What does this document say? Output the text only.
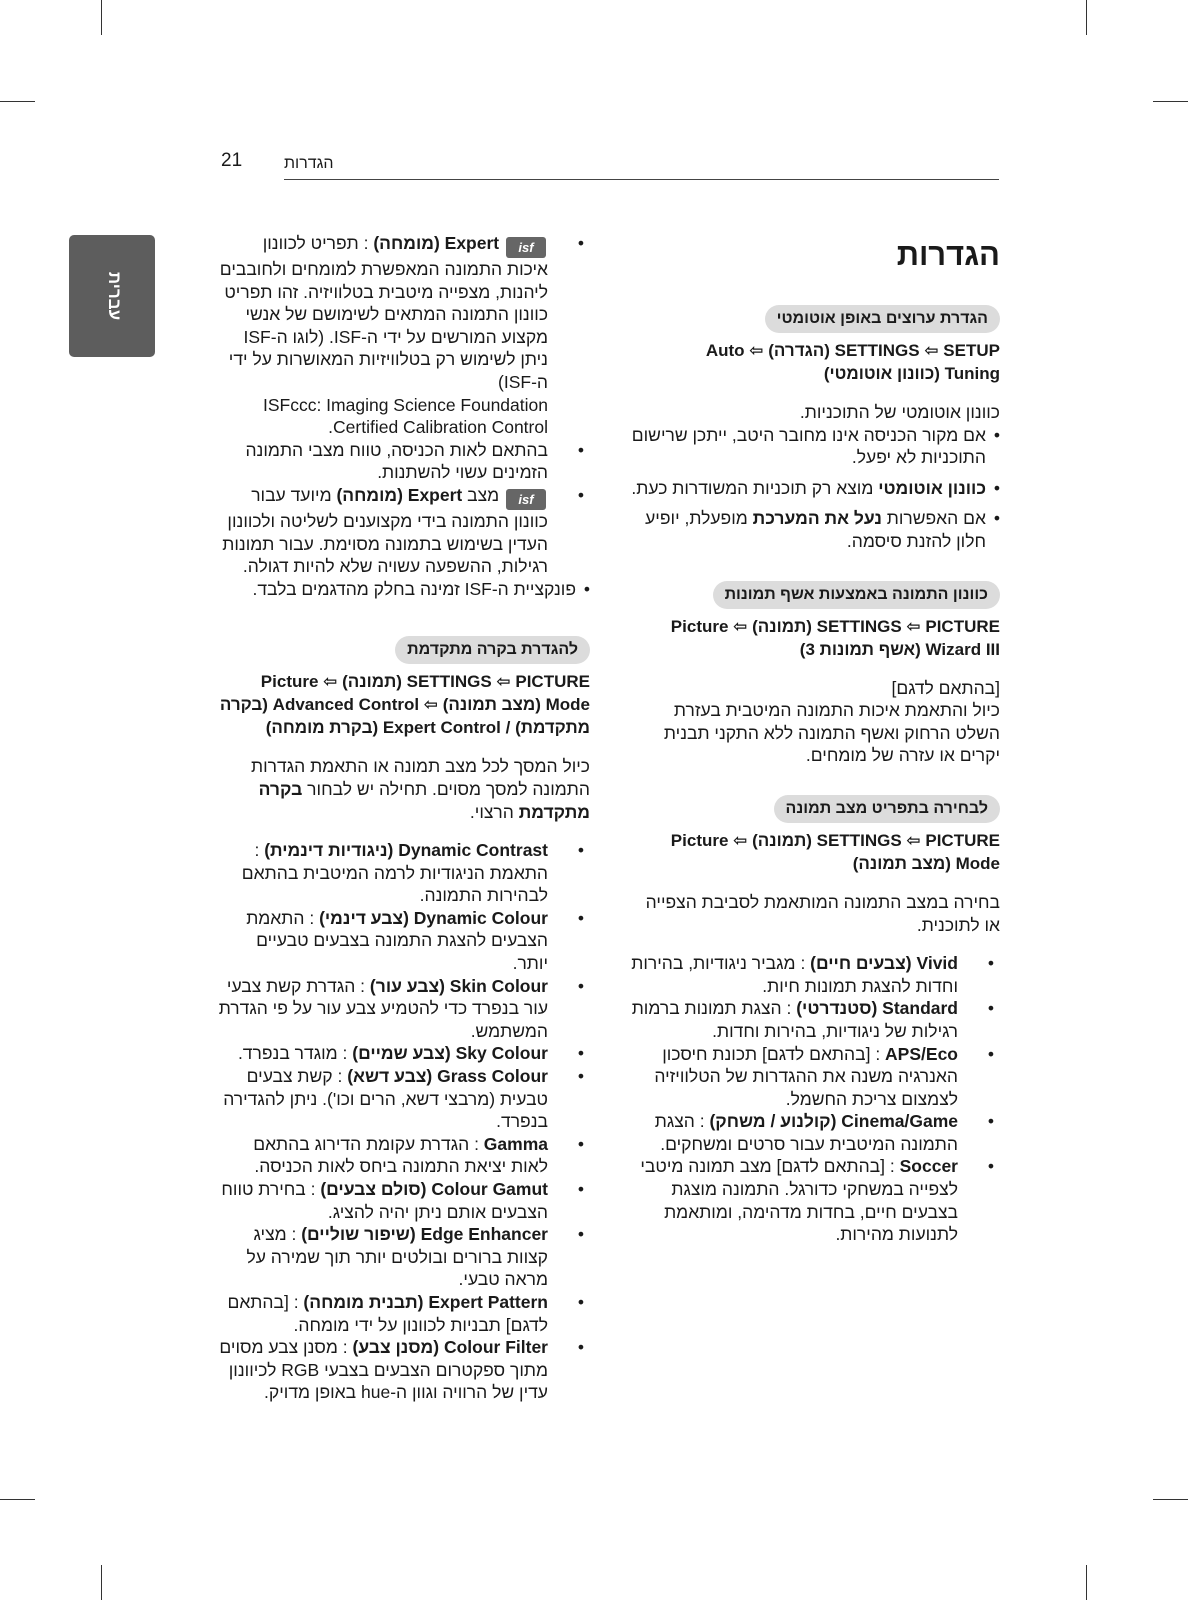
21	הגדרות
עברית
הגדרות
הגדרת ערוצים באופן אוטומטי
SETTINGS ⇦ SETUP (הגדרה) ⇦ Auto
Tuning (כוונון אוטומטי)

כוונון אוטומטי של התוכניות.

• אם מקור הכניסה אינו מחובר היטב, ייתכן שרישום התוכניות לא יפעל.
• כוונון אוטומטי מוצא רק תוכניות המשודרות כעת.
• אם האפשרות נעל את המערכת מופעלת, יופיע חלון להזנת סיסמה.
כוונון התמונה באמצעות אשף תמונות
SETTINGS ⇦ PICTURE (תמונה) ⇦ Picture
Wizard III (אשף תמונות 3)

[בהתאם לדגם]

כיול והתאמת איכות התמונה המיטבית בעזרת השלט הרחוק ואשף התמונה ללא התקני תבנית יקרים או עזרה של מומחים.

לבחירה בתפריט מצב תמונה
SETTINGS ⇦ PICTURE (תמונה) ⇦ Picture
Mode (מצב תמונה)

בחירה במצב התמונה המותאמת לסביבת הצפייה או לתוכנית.

• Vivid (צבעים חיים) : מגביר ניגודיות, בהירות וחדות להצגת תמונות חיות.
• Standard (סטנדרטי) : הצגת תמונות ברמות רגילות של ניגודיות, בהירות וחדות.
• APS/Eco : [בהתאם לדגם] תכונת חיסכון האנרגיה משנה את ההגדרות של הטלוויזיה לצמצום צריכת החשמל.
• Cinema/Game (קולנוע / משחק) : הצגת התמונה המיטבית עבור סרטים ומשחקים.
• Soccer : [בהתאם לדגם] מצב תמונה מיטבי לצפייה במשחקי כדורגל. התמונה מוצגת בצבעים חיים, בחדות מדהימה, ומותאמת לתנועות מהירות.
• isf Expert (מומחה) : תפריט לכוונון איכות התמונה המאפשרת למומחים ולחובבים ליהנות, מצפייה מיטבית בטלוויזיה. זהו תפריט כוונון התמונה המתאים לשימושם של אנשי מקצוע המורשים על ידי ה-ISF. (לוגו ה-ISF ניתן לשימוש רק בטלוויזיות המאושרות על ידי ה-ISF)
ISFccc: Imaging Science Foundation Certified Calibration Control.
• בהתאם לאות הכניסה, טווח מצבי התמונה הזמינים עשוי להשתנות.
• isf מצב Expert (מומחה) מיועד עבור כוונון התמונה בידי מקצוענים לשליטה ולכוונון העדין בשימוש בתמונה מסוימת. עבור תמונות רגילות, ההשפעה עשויה שלא להיות דגולה.
• פונקציית ה-ISF זמינה בחלק מהדגמים בלבד.
להגדרת בקרה מתקדמת
SETTINGS ⇦ PICTURE (תמונה) ⇦ Picture
Mode (מצב תמונה) ⇦ Advanced Control (בקרה
מתקדמת) / Expert Control (בקרת מומחה)

כיול המסך לכל מצב תמונה או התאמת הגדרות התמונה למסך מסוים. תחילה יש לבחור בקרה מתקדמת הרצוי.

• Dynamic Contrast (ניגודיות דינמית) : התאמת הניגודיות לרמה המיטבית בהתאם לבהירות התמונה.
• Dynamic Colour (צבע דינמי) : התאמת הצבעים להצגת התמונה בצבעים טבעיים יותר.
• Skin Colour (צבע עור) : הגדרת קשת צבעי עור בנפרד כדי להטמיע צבע עור על פי הגדרת המשתמש.
• Sky Colour (צבע שמיים) : מוגדר בנפרד.
• Grass Colour (צבע דשא) : קשת צבעים טבעית (מרבצי דשא, הרים וכו'). ניתן להגדירה בנפרד.
• Gamma : הגדרת עקומת הדירוג בהתאם לאות יציאת התמונה ביחס לאות הכניסה.
• Colour Gamut (סולם צבעים) : בחירת טווח הצבעים אותם ניתן יהיה להציג.
• Edge Enhancer (שיפור שוליים) : מציג קצוות ברורים ובולטים יותר תוך שמירה על מראה טבעי.
• Expert Pattern (תבנית מומחה) : [בהתאם לדגם] תבניות לכוונון על ידי מומחה.
• Colour Filter (מסנן צבע) : מסנן צבע מסוים מתוך ספקטרום הצבעים בצבעי RGB לכיוונון עדין של הרוויה וגוון ה-hue באופן מדויק.
